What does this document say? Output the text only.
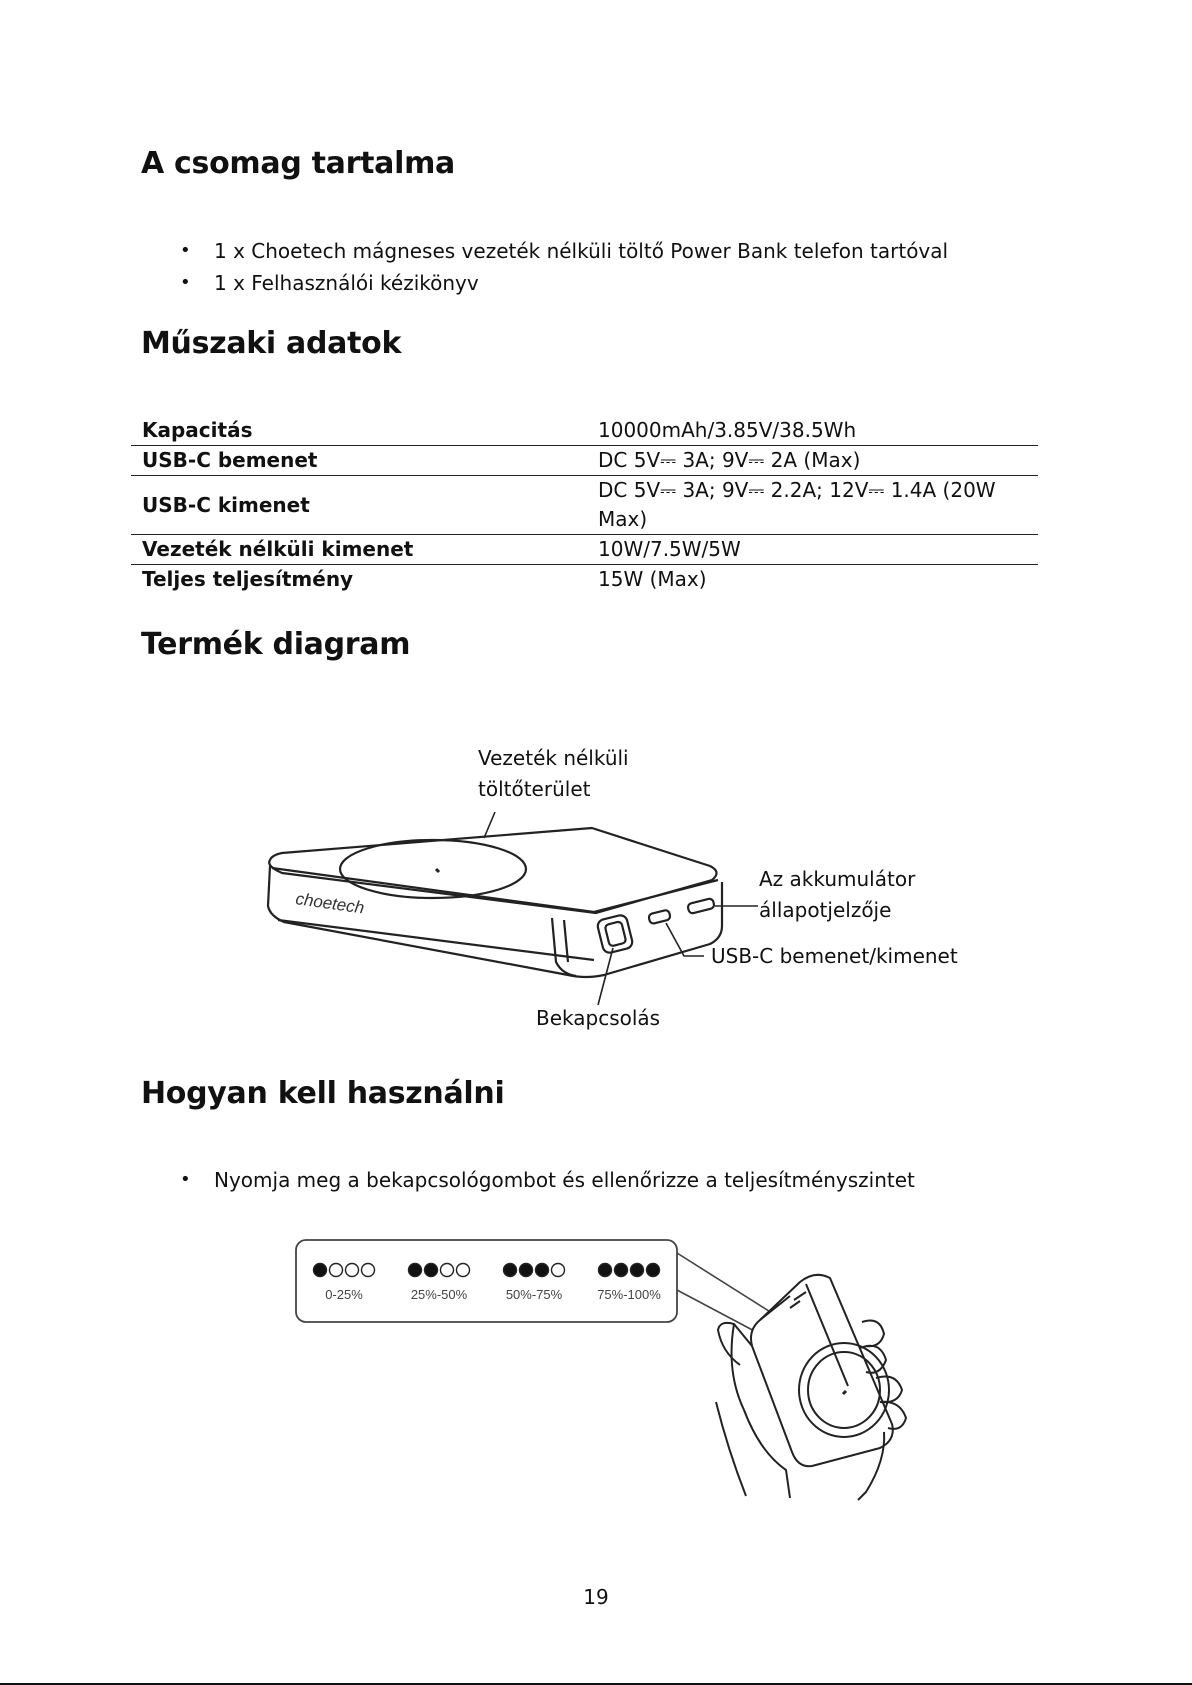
A csomag tartalma
• 1 x Choetech mágneses vezeték nélküli töltő Power Bank telefon tartóval
• 1 x Felhasználói kézikönyv
Műszaki adatok
Kapacitás	10000mAh/3.85V/38.5Wh
USB-C bemenet	DC 5V⎓ 3A; 9V⎓ 2A (Max)
USB-C kimenet	DC 5V⎓ 3A; 9V⎓ 2.2A; 12V⎓ 1.4A (20W Max)
Vezeték nélküli kimenet	10W/7.5W/5W
Teljes teljesítmény	15W (Max)
Termék diagram
choetech
0-25%	25%-50%	50%-75%	75%-100%
Vezeték nélküli
töltőterület
Az akkumulátor
állapotjelzője
USB-C bemenet/kimenet
Bekapcsolás
Hogyan kell használni
• Nyomja meg a bekapcsológombot és ellenőrizze a teljesítményszintet
19
